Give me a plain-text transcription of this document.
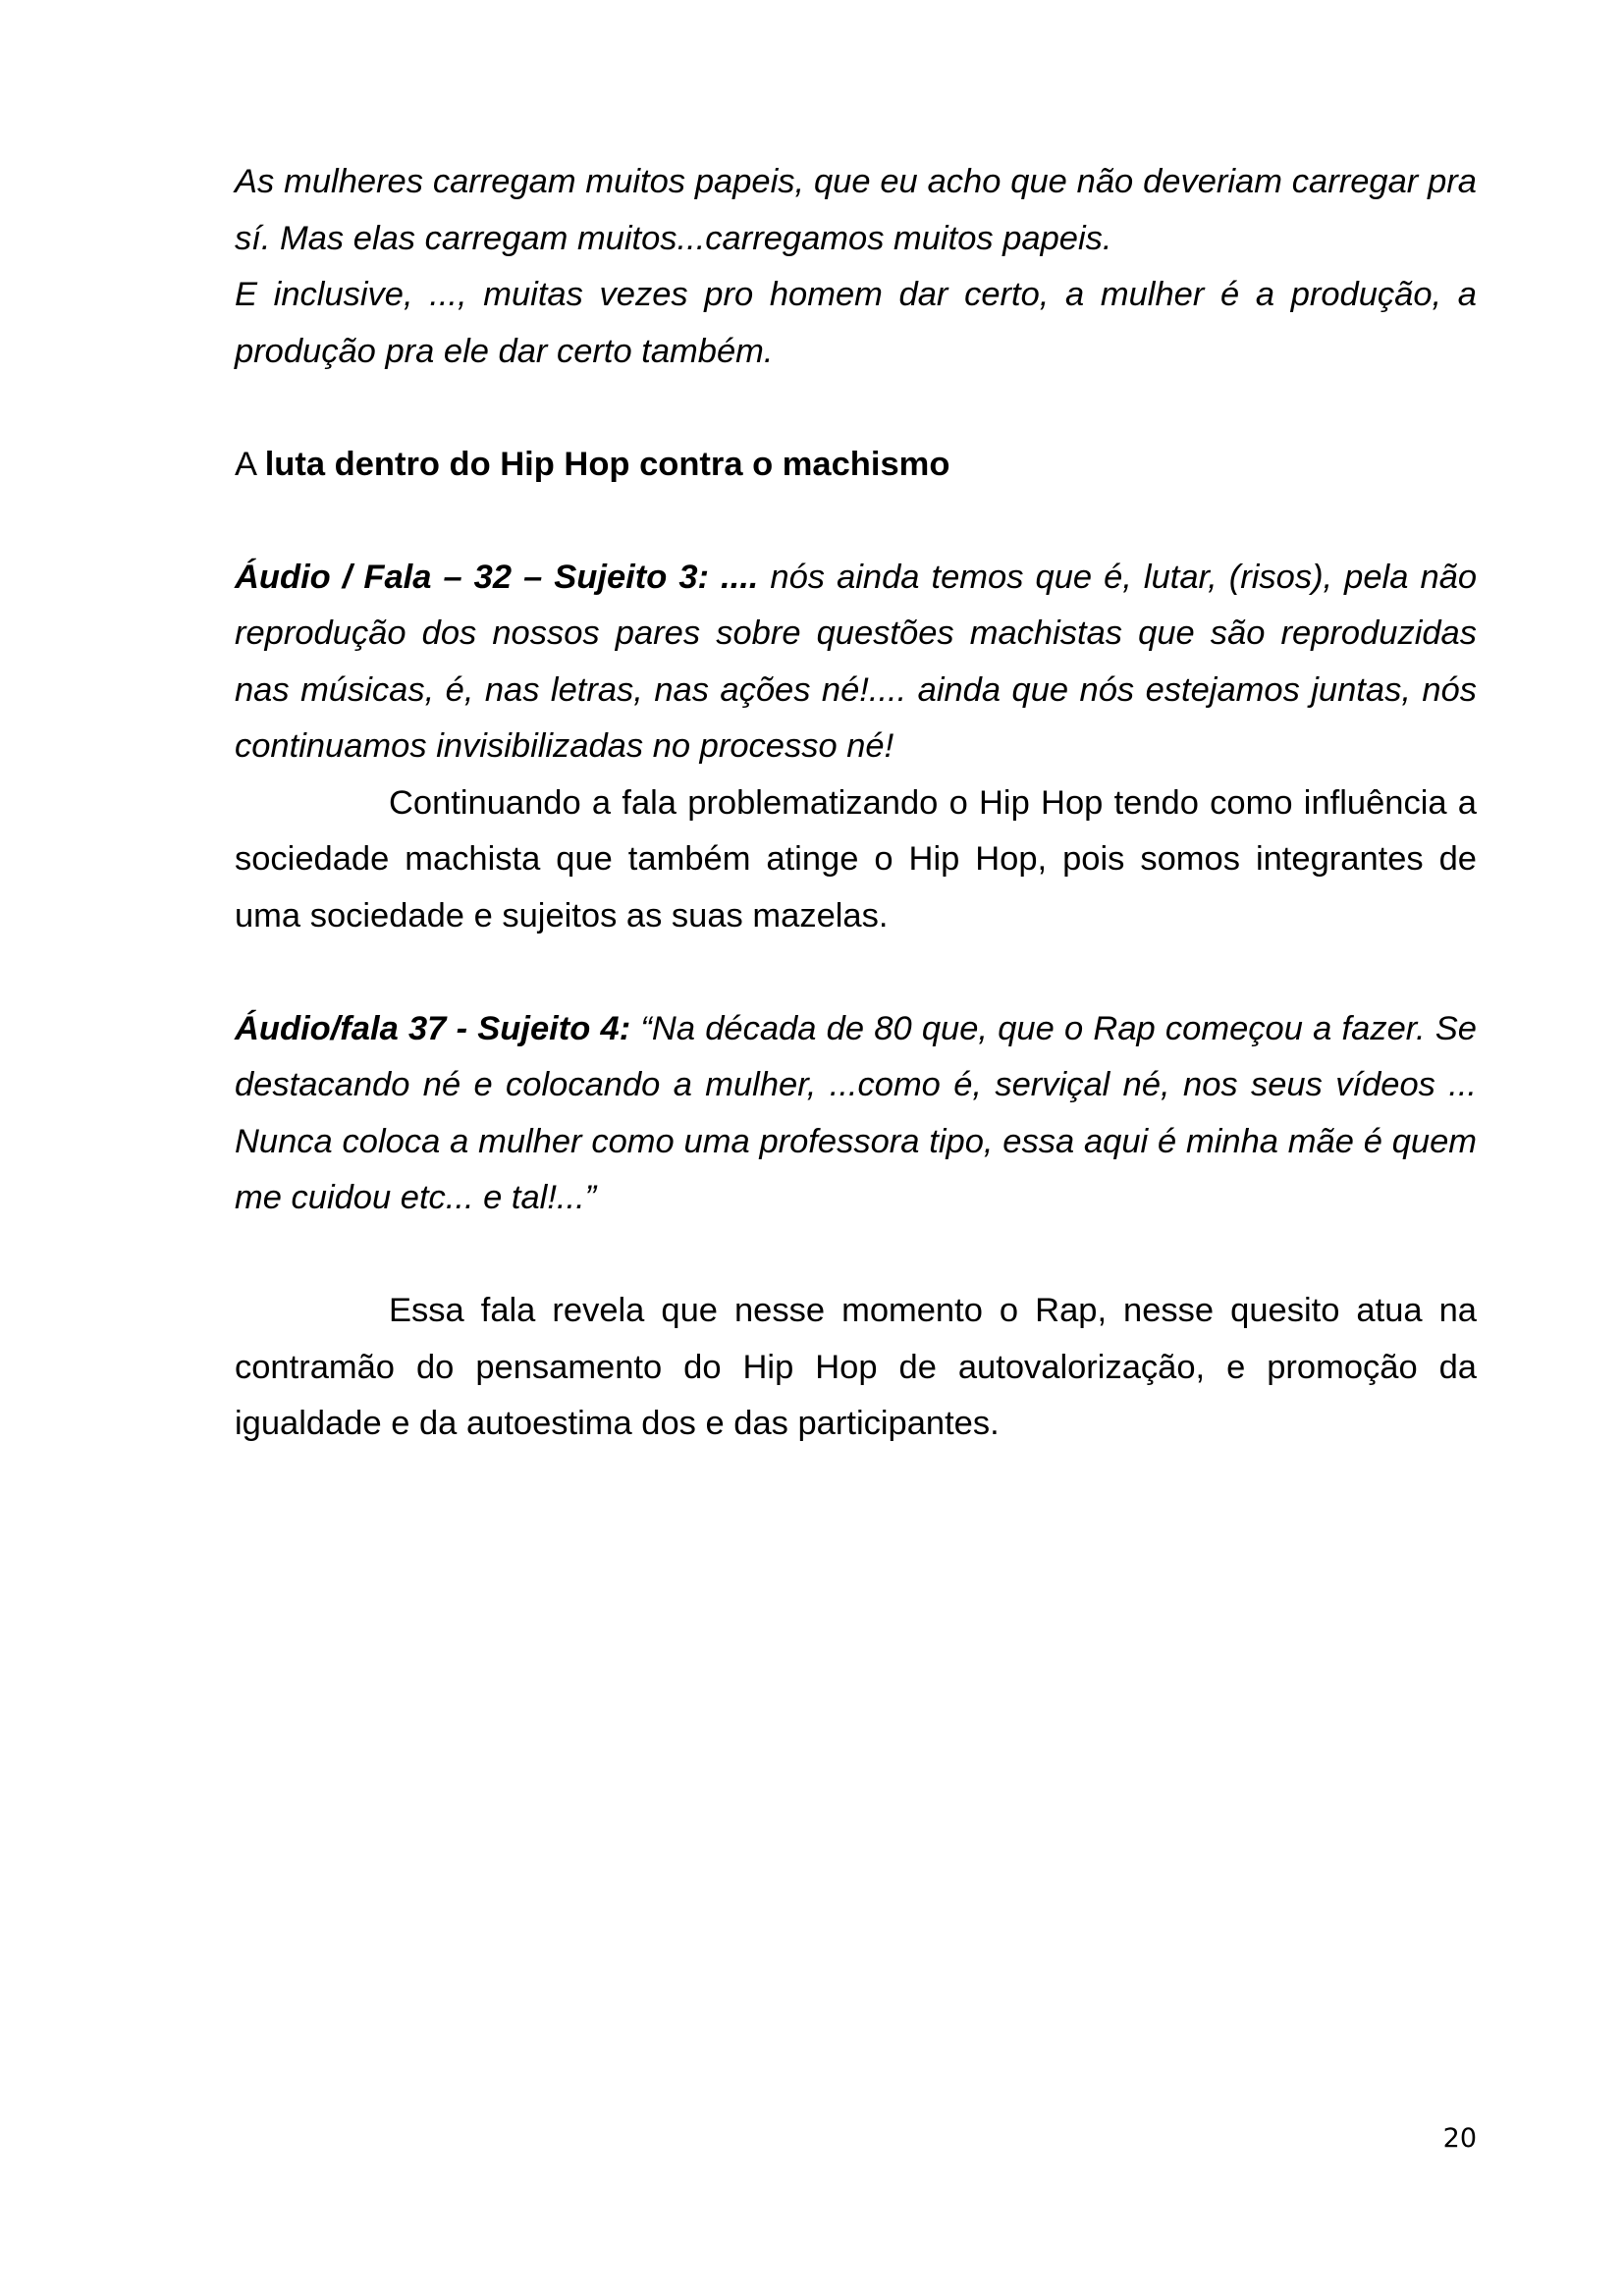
As mulheres carregam muitos papeis, que eu acho que não deveriam carregar pra sí. Mas elas carregam muitos...carregamos muitos papeis.

E inclusive, ..., muitas vezes pro homem dar certo, a mulher é a produção, a produção pra ele dar certo também.

A luta dentro do Hip Hop contra o machismo

Áudio / Fala – 32 – Sujeito 3: .... nós ainda temos que é, lutar, (risos), pela não reprodução dos nossos pares sobre questões machistas que são reproduzidas nas músicas, é, nas letras, nas ações né!.... ainda que nós estejamos juntas, nós continuamos invisibilizadas no processo né!

Continuando a fala problematizando o Hip Hop tendo como influência a sociedade machista que também atinge o Hip Hop, pois somos integrantes de uma sociedade e sujeitos as suas mazelas.

Áudio/fala 37 - Sujeito 4: “Na década de 80 que, que o Rap começou a fazer. Se destacando né e colocando a mulher, ...como é, serviçal né, nos seus vídeos ... Nunca coloca a mulher como uma professora tipo, essa aqui é minha mãe é quem me cuidou etc... e tal!...”

Essa fala revela que nesse momento o Rap, nesse quesito atua na contramão do pensamento do Hip Hop de autovalorização, e promoção da igualdade e da autoestima dos e das participantes.

20
